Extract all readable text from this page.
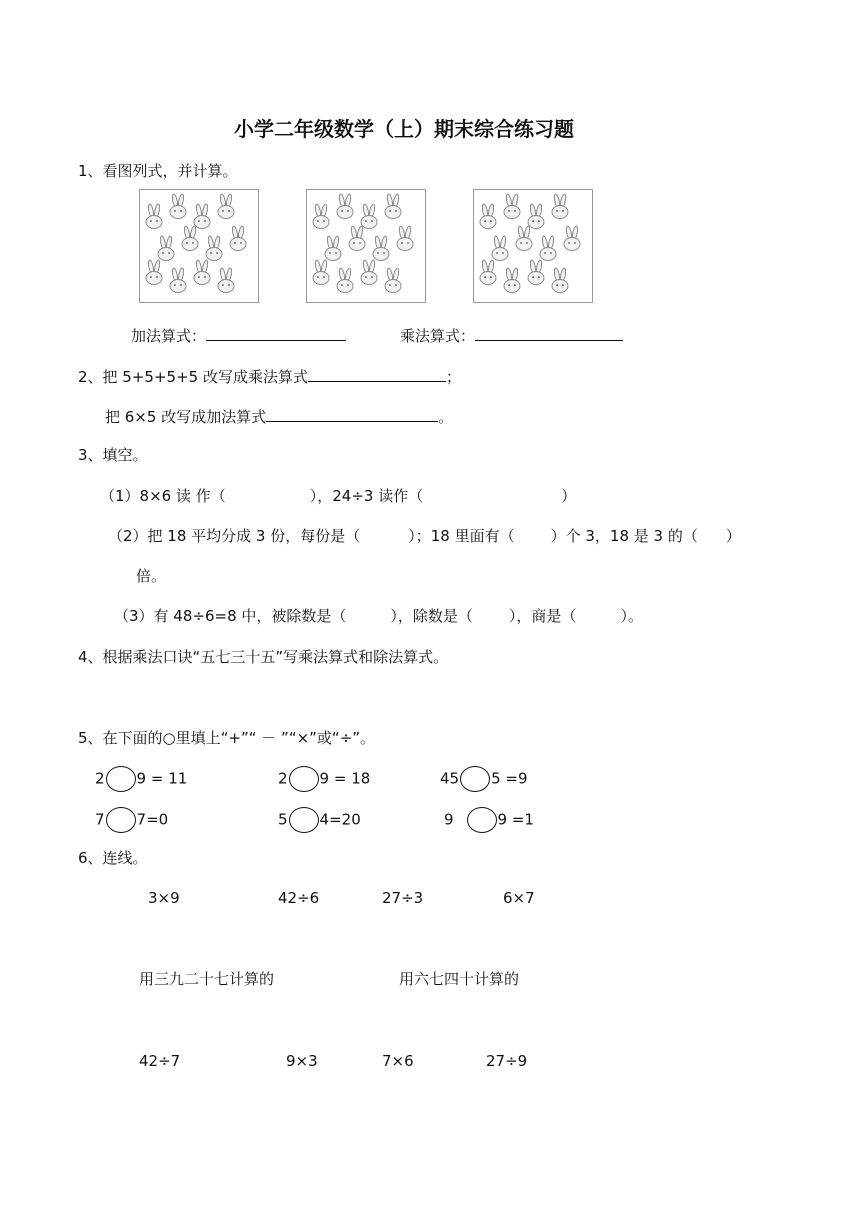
小学二年级数学（上）期末综合练习题
1、看图列式，并计算。
加法算式：	乘法算式：
2、把 5+5+5+5 改写成乘法算式	；
把 6×5 改写成加法算式	。
3、填空。
（1）8×6 读 作（	），24÷3 读作（	）
（2）把 18 平均分成 3 份，每份是（	）；18 里面有（ ）个 3，18 是 3 的（ ）
倍。
（3）有 48÷6=8 中，被除数是（	），除数是（ ），商是（	）。
4、根据乘法口诀“五七三十五”写乘法算式和除法算式。
5、在下面的○里填上“+”“ － ”“×”或“÷”。
2 9 = 11	2 9 = 18	45 5 =9
7 7=0	5 4=20	9	9 =1
6、连线。
3×9	42÷6	27÷3	6×7
用三九二十七计算的	用六七四十计算的
42÷7	9×3	7×6	27÷9
